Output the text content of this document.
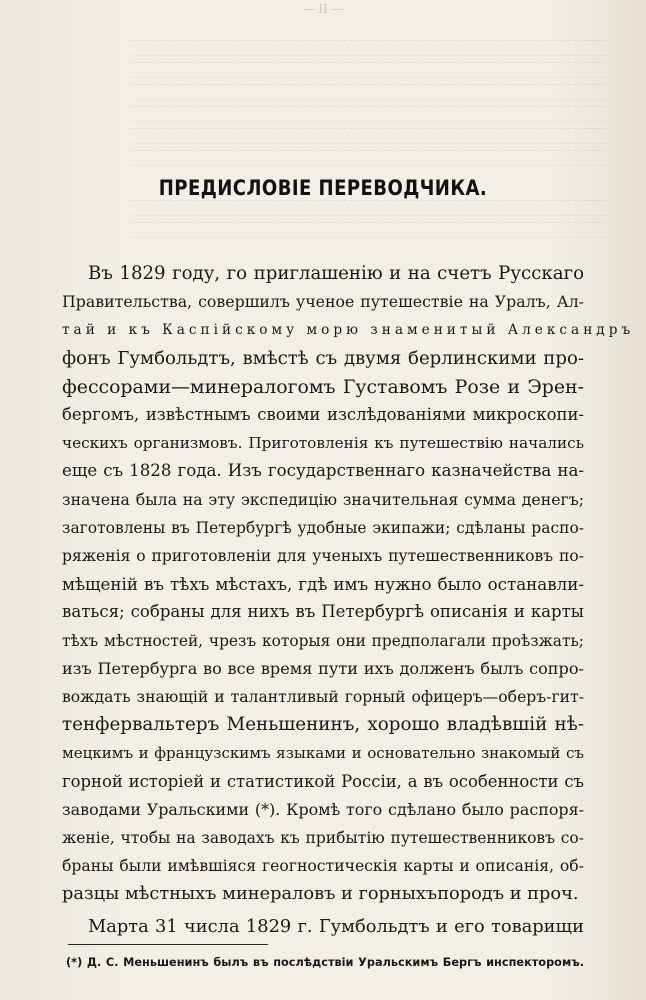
— II —
ПРЕДИСЛОВІЕ ПЕРЕВОДЧИКА.
Въ 1829 году, го приглашенію и на счетъ Русскаго
Правительства, совершилъ ученое путешествіе на Уралъ, Ал-
тай и къ Каспійскому морю знаменитый Александръ
фонъ Гумбольдтъ, вмѣстѣ съ двумя берлинскими про-
фессорами—минералогомъ Густавомъ Розе и Эрен-
бергомъ, извѣстнымъ своими изслѣдованіями микроскопи-
ческихъ организмовъ. Приготовленія къ путешествію начались
еще съ 1828 года. Изъ государственнаго казначейства на-
значена была на эту экспедицію значительная сумма денегъ;
заготовлены въ Петербургѣ удобные экипажи; сдѣланы распо-
ряженія о приготовленіи для ученыхъ путешественниковъ по-
мѣщеній въ тѣхъ мѣстахъ, гдѣ имъ нужно было останавли-
ваться; собраны для нихъ въ Петербургѣ описанія и карты
тѣхъ мѣстностей, чрезъ которыя они предполагали проѣзжать;
изъ Петербурга во все время пути ихъ долженъ былъ сопро-
вождать знающій и талантливый горный офицеръ—оберъ-гит-
тенфервальтеръ Меньшенинъ, хорошо владѣвшій нѣ-
мецкимъ и французскимъ языками и основательно знакомый съ
горной исторіей и статистикой Россіи, а въ особенности съ
заводами Уральскими (*). Кромѣ того сдѣлано было распоря-
женіе, чтобы на заводахъ къ прибытію путешественниковъ со-
браны были имѣвшіяся геогностическія карты и описанія, об-
разцы мѣстныхъ минераловъ и горныхъпородъ и проч.
Марта 31 числа 1829 г. Гумбольдтъ и его товарищи
(*) Д. С. Меньшенинъ былъ въ послѣдствіи Уральскимъ Бергъ инспекторомъ.
